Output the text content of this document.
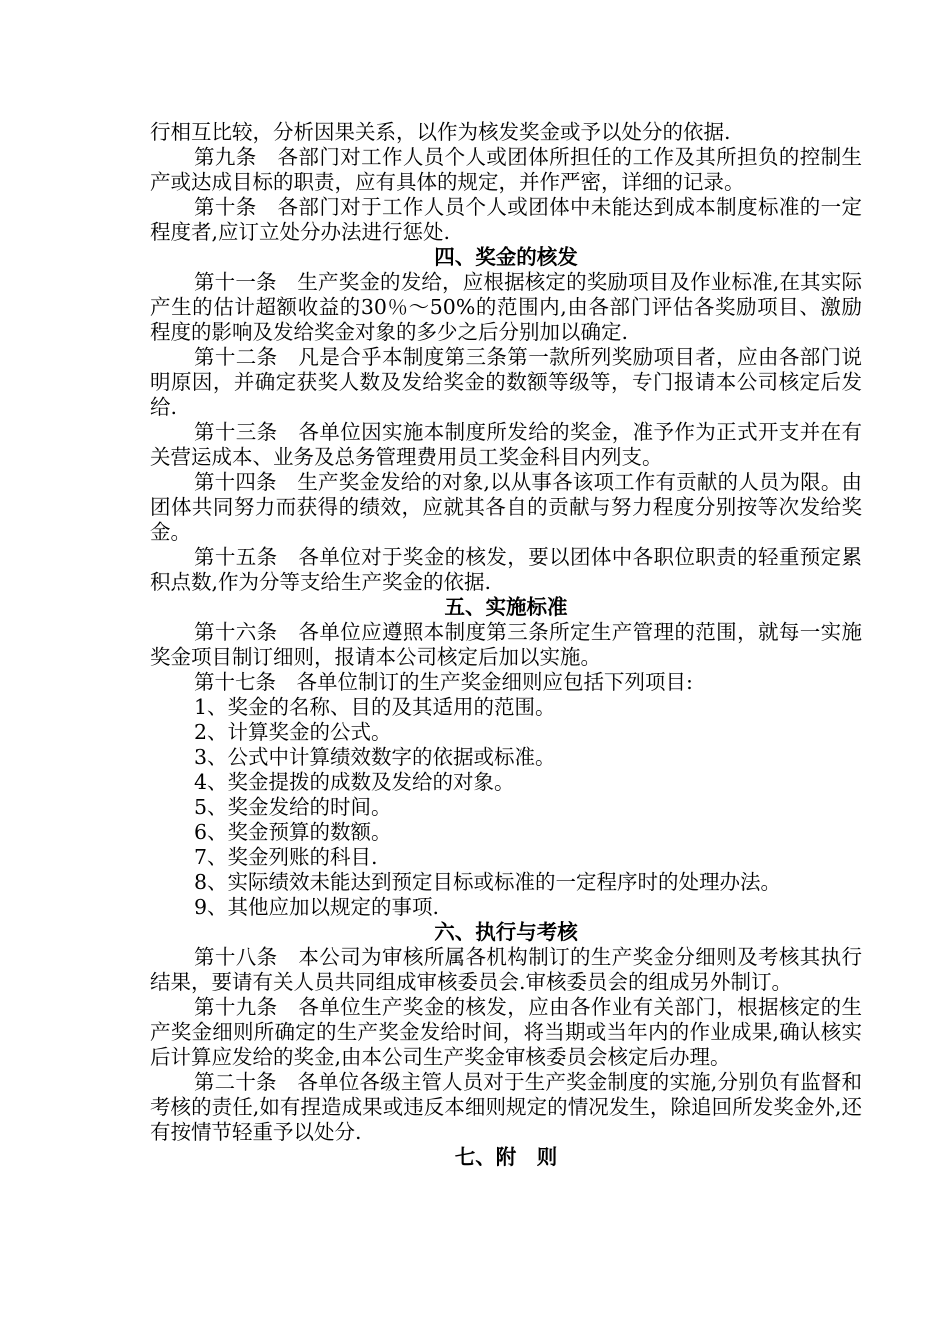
行相互比较，分析因果关系，以作为核发奖金或予以处分的依据.

第九条　各部门对工作人员个人或团体所担任的工作及其所担负的控制生产或达成目标的职责，应有具体的规定，并作严密，详细的记录。

第十条　各部门对于工作人员个人或团体中未能达到成本制度标准的一定程度者,应订立处分办法进行惩处.

四、奖金的核发

第十一条　生产奖金的发给，应根据核定的奖励项目及作业标准,在其实际产生的估计超额收益的30％～50%的范围内,由各部门评估各奖励项目、激励程度的影响及发给奖金对象的多少之后分别加以确定.

第十二条　凡是合乎本制度第三条第一款所列奖励项目者，应由各部门说明原因，并确定获奖人数及发给奖金的数额等级等，专门报请本公司核定后发给.

第十三条　各单位因实施本制度所发给的奖金，准予作为正式开支并在有关营运成本、业务及总务管理费用员工奖金科目内列支。

第十四条　生产奖金发给的对象,以从事各该项工作有贡献的人员为限。由团体共同努力而获得的绩效，应就其各自的贡献与努力程度分别按等次发给奖金。

第十五条　各单位对于奖金的核发，要以团体中各职位职责的轻重预定累积点数,作为分等支给生产奖金的依据.

五、实施标准

第十六条　各单位应遵照本制度第三条所定生产管理的范围，就每一实施奖金项目制订细则，报请本公司核定后加以实施。

第十七条　各单位制订的生产奖金细则应包括下列项目:

1、奖金的名称、目的及其适用的范围。

2、计算奖金的公式。

3、公式中计算绩效数字的依据或标准。

4、奖金提拨的成数及发给的对象。

5、奖金发给的时间。

6、奖金预算的数额。

7、奖金列账的科目.

8、实际绩效未能达到预定目标或标准的一定程序时的处理办法。

9、其他应加以规定的事项.

六、执行与考核

第十八条　本公司为审核所属各机构制订的生产奖金分细则及考核其执行结果，要请有关人员共同组成审核委员会.审核委员会的组成另外制订。

第十九条　各单位生产奖金的核发，应由各作业有关部门，根据核定的生产奖金细则所确定的生产奖金发给时间，将当期或当年内的作业成果,确认核实后计算应发给的奖金,由本公司生产奖金审核委员会核定后办理。

第二十条　各单位各级主管人员对于生产奖金制度的实施,分别负有监督和考核的责任,如有捏造成果或违反本细则规定的情况发生，除追回所发奖金外,还有按情节轻重予以处分.

七、附　则
